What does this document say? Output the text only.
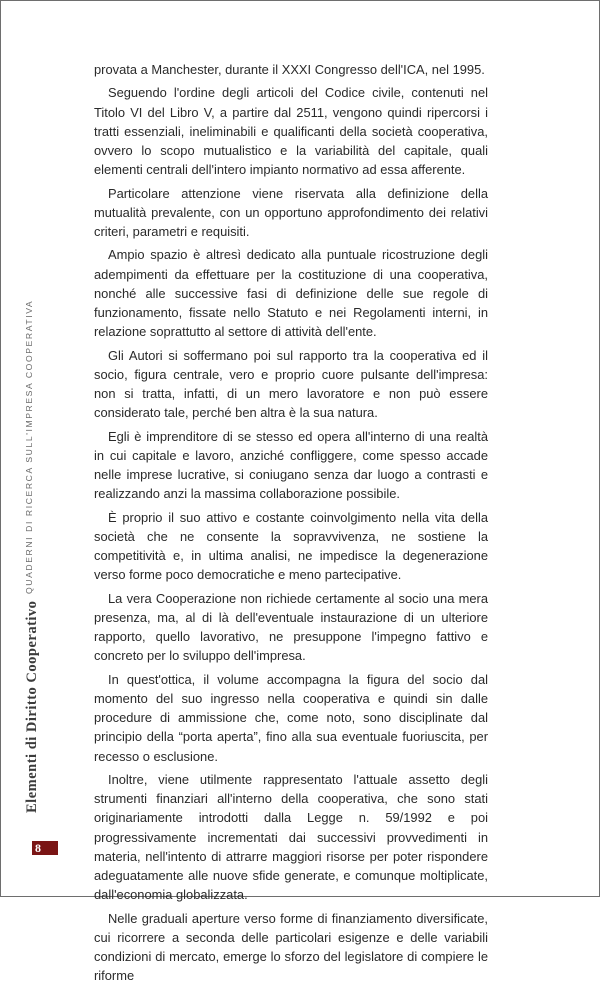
Elementi di Diritto Cooperativo
QUADERNI DI RICERCA SULL'IMPRESA COOPERATIVA

provata a Manchester, durante il XXXI Congresso dell'ICA, nel 1995.

Seguendo l'ordine degli articoli del Codice civile, contenuti nel Titolo VI del Libro V, a partire dal 2511, vengono quindi ripercorsi i tratti essenziali, ineliminabili e qualificanti della società cooperativa, ovvero lo scopo mutualistico e la variabilità del capitale, quali elementi centrali dell'intero impianto normativo ad essa afferente.

Particolare attenzione viene riservata alla definizione della mutualità prevalente, con un opportuno approfondimento dei relativi criteri, parametri e requisiti.

Ampio spazio è altresì dedicato alla puntuale ricostruzione degli adempimenti da effettuare per la costituzione di una cooperativa, nonché alle successive fasi di definizione delle sue regole di funzionamento, fissate nello Statuto e nei Regolamenti interni, in relazione soprattutto al settore di attività dell'ente.

Gli Autori si soffermano poi sul rapporto tra la cooperativa ed il socio, figura centrale, vero e proprio cuore pulsante dell'impresa: non si tratta, infatti, di un mero lavoratore e non può essere considerato tale, perché ben altra è la sua natura.

Egli è imprenditore di se stesso ed opera all'interno di una realtà in cui capitale e lavoro, anziché confliggere, come spesso accade nelle imprese lucrative, si coniugano senza dar luogo a contrasti e realizzando anzi la massima collaborazione possibile.

È proprio il suo attivo e costante coinvolgimento nella vita della società che ne consente la sopravvivenza, ne sostiene la competitività e, in ultima analisi, ne impedisce la degenerazione verso forme poco democratiche e meno partecipative.

La vera Cooperazione non richiede certamente al socio una mera presenza, ma, al di là dell'eventuale instaurazione di un ulteriore rapporto, quello lavorativo, ne presuppone l'impegno fattivo e concreto per lo sviluppo dell'impresa.

In quest'ottica, il volume accompagna la figura del socio dal momento del suo ingresso nella cooperativa e quindi sin dalle procedure di ammissione che, come noto, sono disciplinate dal principio della “porta aperta”, fino alla sua eventuale fuoriuscita, per recesso o esclusione.

Inoltre, viene utilmente rappresentato l'attuale assetto degli strumenti finanziari all'interno della cooperativa, che sono stati originariamente introdotti dalla Legge n. 59/1992 e poi progressivamente incrementati dai successivi provvedimenti in materia, nell'intento di attrarre maggiori risorse per poter rispondere adeguatamente alle nuove sfide generate, e comunque moltiplicate, dall'economia globalizzata.

Nelle graduali aperture verso forme di finanziamento diversificate, cui ricorrere a seconda delle particolari esigenze e delle variabili condizioni di mercato, emerge lo sforzo del legislatore di compiere le riforme

8
